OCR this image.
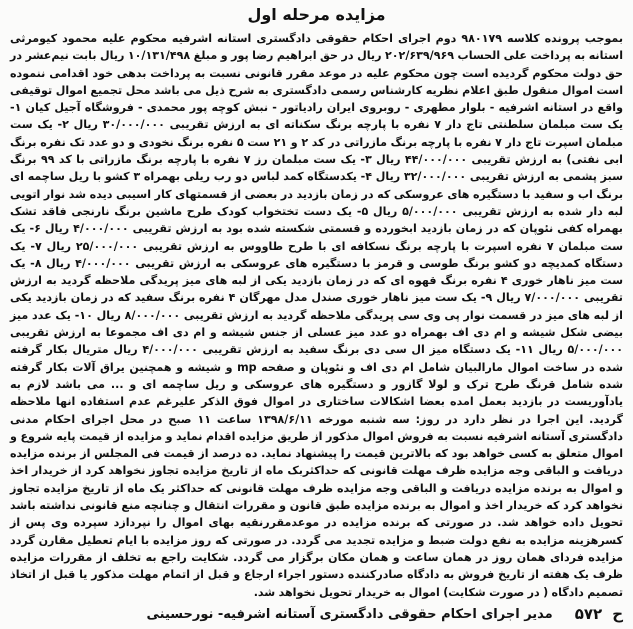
مزایده مرحله اول

بموجب پرونده کلاسه ۹۸۰۱۷۹ دوم اجرای احکام حقوقی دادگستری استانه اشرفیه محکوم علیه محمود کیومرثی استانه به پرداخت علی الحساب ۲۰۲/۶۳۹/۹۶۹ ریال در حق ابراهیم رضا پور و مبلغ ۱۰/۱۳۱/۴۹۸ ریال بابت نیم‌عشر در حق دولت محکوم گردیده است چون محکوم علیه در موعد مقرر قانونی نسبت به پرداخت بدهی خود اقدامی ننموده است اموال منقول طبق اعلام نظریه کارشناس رسمی دادگستری به شرح ذیل می باشد محل تجمیع اموال توقیفی واقع در استانه اشرفیه - بلوار مطهری - روبروی ایران رادیاتور - نبش کوچه پور محمدی - فروشگاه آجیل کیان ۱- یک ست مبلمان سلطنتی تاج دار ۷ نفره با پارچه برنگ سکناته ای به ارزش تقریبی ۳۰/۰۰۰/۰۰۰ ریال ۲- یک ست مبلمان اسپرت تاج دار ۷ نفره با پارچه برنگ مازراتی در کد ۲ و ۲۱ ست ۵ نفره برنگ نخودی و دو عدد تک نفره برنگ ابی نفتی) به ارزش تقریبی ۴۴/۰۰۰/۰۰۰ ریال ۳- یک ست مبلمان رز ۷ نفره با پارچه برنگ مازراتی با کد ۹۹ برنگ سبز پشمی به ارزش تقریبی ۳۲/۰۰۰/۰۰۰ ریال ۴- یکدستگاه کمد لباس دو رب ریلی بهمراه ۳ کشو با ریل ساچمه ای برنگ اب و سفید با دستگیره های عروسکی که در زمان بازدید در بعضی از قسمتهای کار اسیبی دیده شد نوار اتویی لبه دار شده به ارزش تقریبی ۵/۰۰۰/۰۰۰ ریال ۵- یک دست تختخواب کودک طرح ماشین برنگ نارنجی فاقد تشک بهمراه کفی نئوپان که در زمان بازدید ابخورده و قسمتی شکسته شده بود به ارزش تقریبی ۴/۰۰۰/۰۰۰ ریال ۶- یک ست مبلمان ۷ نفره اسپرت با پارچه برنگ نسکافه ای با طرح طاووس به ارزش تقریبی ۲۵/۰۰۰/۰۰۰ ریال ۷- یک دستگاه کمدیچه دو کشو برنگ طوسی و قرمز با دستگیره های عروسکی به ارزش تقریبی ۴/۰۰۰/۰۰۰ ریال ۸- یک ست میز ناهار خوری ۴ نفره برنگ قهوه ای که در زمان بازدید یکی از لبه های میز پریدگی ملاحظه گردید به ارزش تقریبی ۷/۰۰۰/۰۰۰ ریال ۹- یک ست میز ناهار خوری صندل مدل مهرگان ۴ نفره برنگ سفید که در زمان بازدید یکی از لبه های میز در قسمت نوار پی وی سی پریدگی ملاحظه گردید به ارزش تقریبی ۸/۰۰۰/۰۰۰ ریال ۱۰- یک عدد میز بیضی شکل شیشه و ام دی اف بهمراه دو عدد میز عسلی از جنس شیشه و ام دی اف مجموعا به ارزش تقریبی ۵/۰۰۰/۰۰۰ ریال ۱۱- یک دستگاه میز ال سی دی برنگ سفید به ارزش تقریبی ۴/۰۰۰/۰۰۰ ریال متریال بکار گرفته شده در ساخت اموال مارالبیان شامل ام دی اف و نئوپان و صفحه mp و شیشه و همچنین یراق آلات بکار گرفته شده شامل قرنگ طرح ترک و لولا گازور و دستگیره های عروسکی و ریل ساچمه ای و ... می باشد لازم به یادآوریست در بازدید بعمل امده بعضا اشکالات ساختاری در اموال فوق الذکر علیرغم عدم استفاده انها ملاحظه گردید. این اجرا در نظر دارد در روز: سه شنبه مورخه ۱۳۹۸/۶/۱۱ ساعت ۱۱ صبح در محل اجرای احکام مدنی دادگستری آستانه اشرفیه نسبت به فروش اموال مذکور از طریق مزایده اقدام نماید و مزایده از قیمت پایه شروع و اموال متعلق به کسی خواهد بود که بالاترین قیمت را پیشنهاد نماید. ده درصد از قیمت فی المجلس از برنده مزایده دریافت و الباقی وجه مزایده ظرف مهلت قانونی که حداکثربک ماه از تاریخ مزایده تجاوز نخواهد کرد از خریدار اخذ و اموال به برنده مزایده دریافت و الباقی وجه مزایده ظرف مهلت قانونی که حداکثر یک ماه از تاریخ مزایده تجاوز نخواهد کرد که خریدار اخذ و اموال به برنده مزایده طبق قانون و مقررات انتقال و چنانچه منع قانونی نداشته باشد تحویل داده خواهد شد. در صورتی که برنده مزایده در موعدمقررنقیه بهای اموال را نپردازد سپرده وی پس از کسرهزینه مزایده به نفع دولت ضبط و مزایده تجدید می گردد. در صورتی که روز مزایده با ایام تعطیل مقارن گردد مزایده فردای همان روز در همان ساعت و همان مکان برگزار می گردد. شکایت راجع به تخلف از مقررات مزایده ظرف یک هفته از تاریخ فروش به دادگاه صادرکننده دستور اجراء ارجاع و قبل از اتمام مهلت مذکور یا قبل از اتخاذ تصمیم دادگاه ( در صورت شکایت) اموال به خریدار تحویل نخواهد شد.

ح
۵۷۲
مدیر اجرای احکام حقوقی دادگستری آستانه اشرفیه- نورحسینی
